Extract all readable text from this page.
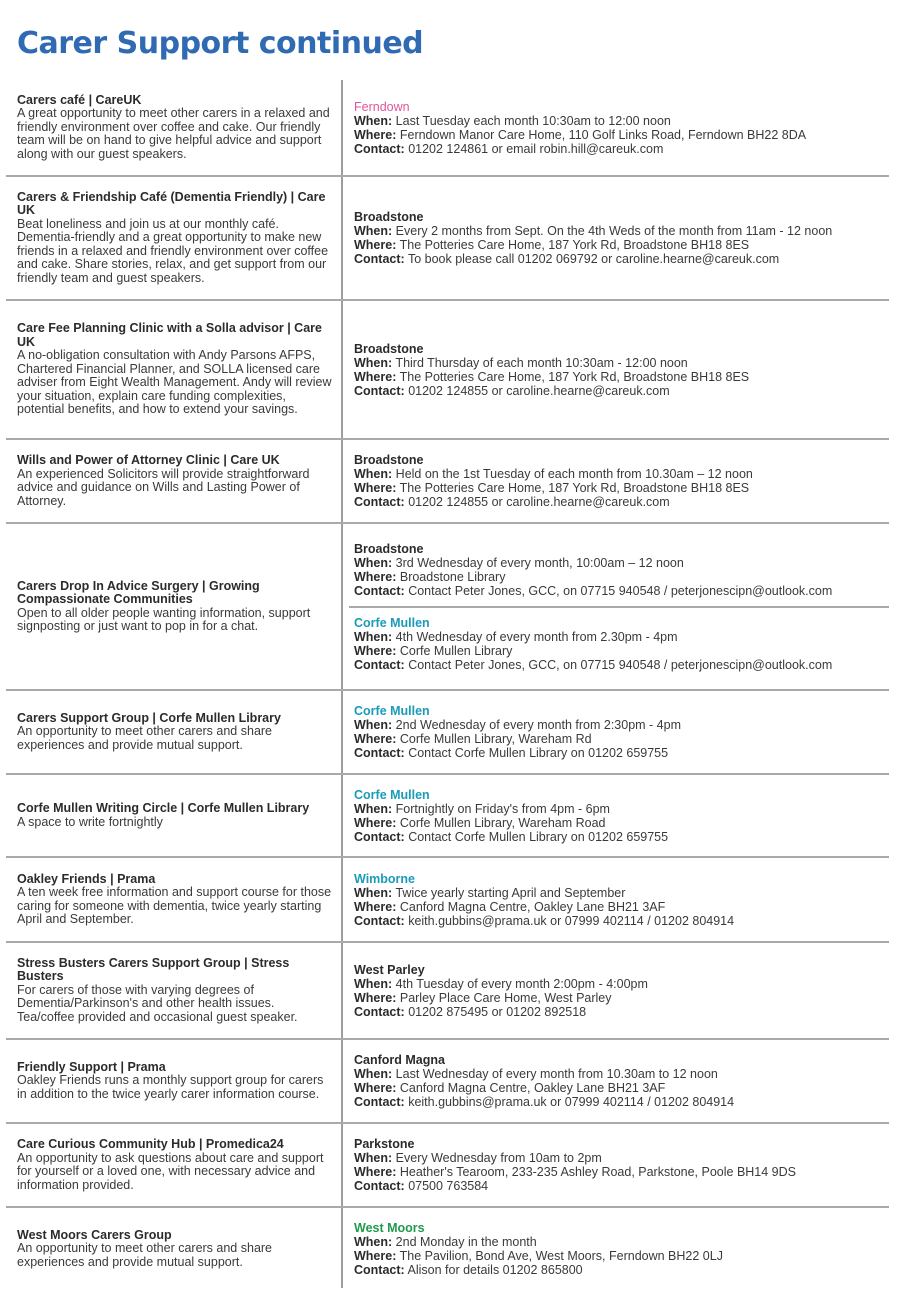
Carer Support continued
Carers café | CareUK
A great opportunity to meet other carers in a relaxed and friendly environment over coffee and cake. Our friendly team will be on hand to give helpful advice and support along with our guest speakers.
Ferndown
When: Last Tuesday each month 10:30am to 12:00 noon
Where: Ferndown Manor Care Home, 110 Golf Links Road, Ferndown BH22 8DA
Contact: 01202 124861 or email robin.hill@careuk.com
Carers & Friendship Café (Dementia Friendly) | Care UK
Beat loneliness and join us at our monthly café. Dementia-friendly and a great opportunity to make new friends in a relaxed and friendly environment over coffee and cake. Share stories, relax, and get support from our friendly team and guest speakers.
Broadstone
When: Every 2 months from Sept. On the 4th Weds of the month from 11am - 12 noon
Where: The Potteries Care Home, 187 York Rd, Broadstone BH18 8ES
Contact: To book please call 01202 069792 or caroline.hearne@careuk.com
Care Fee Planning Clinic with a Solla advisor | Care UK
A no-obligation consultation with Andy Parsons AFPS, Chartered Financial Planner, and SOLLA licensed care adviser from Eight Wealth Management. Andy will review your situation, explain care funding complexities, potential benefits, and how to extend your savings.
Broadstone
When: Third Thursday of each month 10:30am - 12:00 noon
Where: The Potteries Care Home, 187 York Rd, Broadstone BH18 8ES
Contact: 01202 124855 or caroline.hearne@careuk.com
Wills and Power of Attorney Clinic | Care UK
An experienced Solicitors will provide straightforward advice and guidance on Wills and Lasting Power of Attorney.
Broadstone
When: Held on the 1st Tuesday of each month from 10.30am – 12 noon
Where: The Potteries Care Home, 187 York Rd, Broadstone BH18 8ES
Contact: 01202 124855 or caroline.hearne@careuk.com
Carers Drop In Advice Surgery | Growing Compassionate Communities
Open to all older people wanting information, support signposting or just want to pop in for a chat.
Broadstone
When: 3rd Wednesday of every month, 10:00am – 12 noon
Where: Broadstone Library
Contact: Contact Peter Jones, GCC, on 07715 940548 / peterjonescipn@outlook.com
Corfe Mullen
When: 4th Wednesday of every month from 2.30pm - 4pm
Where: Corfe Mullen Library
Contact: Contact Peter Jones, GCC, on 07715 940548 / peterjonescipn@outlook.com
Carers Support Group | Corfe Mullen Library
An opportunity to meet other carers and share experiences and provide mutual support.
Corfe Mullen
When: 2nd Wednesday of every month from 2:30pm - 4pm
Where: Corfe Mullen Library, Wareham Rd
Contact: Contact Corfe Mullen Library on 01202 659755
Corfe Mullen Writing Circle | Corfe Mullen Library
A space to write fortnightly
Corfe Mullen
When: Fortnightly on Friday's from 4pm - 6pm
Where: Corfe Mullen Library, Wareham Road
Contact: Contact Corfe Mullen Library on 01202 659755
Oakley Friends | Prama
A ten week free information and support course for those caring for someone with dementia, twice yearly starting April and September.
Wimborne
When: Twice yearly starting April and September
Where: Canford Magna Centre, Oakley Lane BH21 3AF
Contact: keith.gubbins@prama.uk or 07999 402114 / 01202 804914
Stress Busters Carers Support Group | Stress Busters
For carers of those with varying degrees of Dementia/Parkinson's and other health issues. Tea/coffee provided and occasional guest speaker.
West Parley
When: 4th Tuesday of every month 2:00pm - 4:00pm
Where: Parley Place Care Home, West Parley
Contact: 01202 875495 or 01202 892518
Friendly Support | Prama
Oakley Friends runs a monthly support group for carers in addition to the twice yearly carer information course.
Canford Magna
When: Last Wednesday of every month from 10.30am to 12 noon
Where: Canford Magna Centre, Oakley Lane BH21 3AF
Contact: keith.gubbins@prama.uk or 07999 402114 / 01202 804914
Care Curious Community Hub | Promedica24
An opportunity to ask questions about care and support for yourself or a loved one, with necessary advice and information provided.
Parkstone
When: Every Wednesday from 10am to 2pm
Where: Heather's Tearoom, 233-235 Ashley Road, Parkstone, Poole BH14 9DS
Contact: 07500 763584
West Moors Carers Group
An opportunity to meet other carers and share experiences and provide mutual support.
West Moors
When: 2nd Monday in the month
Where: The Pavilion, Bond Ave, West Moors, Ferndown BH22 0LJ
Contact: Alison for details 01202 865800
